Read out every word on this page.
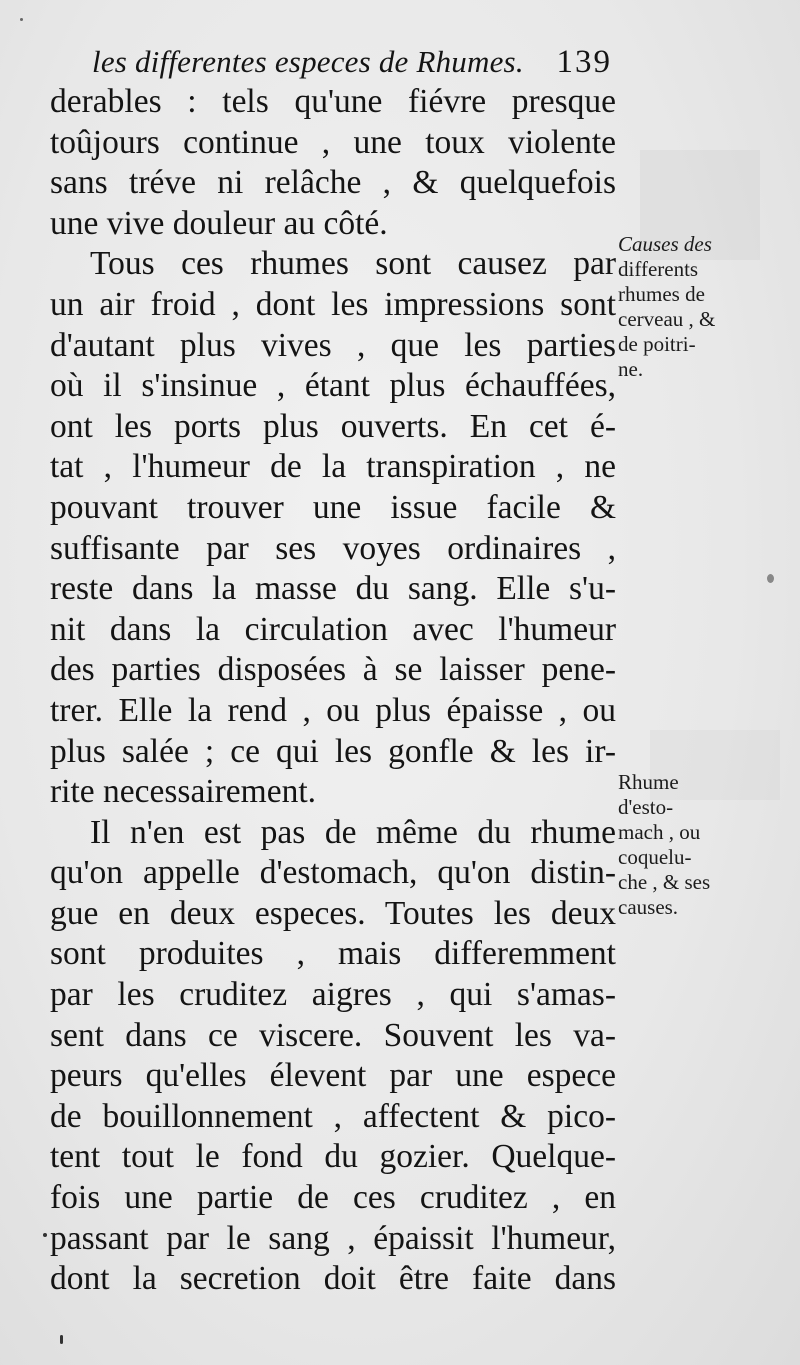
les differentes especes de Rhumes. 139
derables : tels qu'une fiévre presque
toûjours continue , une toux violente
sans tréve ni relâche , & quelquefois
une vive douleur au côté.
Tous ces rhumes sont causez par
un air froid , dont les impressions sont
d'autant plus vives , que les parties
où il s'insinue , étant plus échauffées,
ont les ports plus ouverts. En cet é-
tat , l'humeur de la transpiration , ne
pouvant trouver une issue facile &
suffisante par ses voyes ordinaires ,
reste dans la masse du sang. Elle s'u-
nit dans la circulation avec l'humeur
des parties disposées à se laisser pene-
trer. Elle la rend , ou plus épaisse , ou
plus salée ; ce qui les gonfle & les ir-
rite necessairement.
Il n'en est pas de même du rhume
qu'on appelle d'estomach, qu'on distin-
gue en deux especes. Toutes les deux
sont produites , mais differemment
par les cruditez aigres , qui s'amas-
sent dans ce viscere. Souvent les va-
peurs qu'elles élevent par une espece
de bouillonnement , affectent & pico-
tent tout le fond du gozier. Quelque-
fois une partie de ces cruditez , en
passant par le sang , épaissit l'humeur,
dont la secretion doit être faite dans
Causes des
differents
rhumes de
cerveau , &
de poitri-
ne.
Rhume
d'esto-
mach , ou
coquelu-
che , & ses
causes.
